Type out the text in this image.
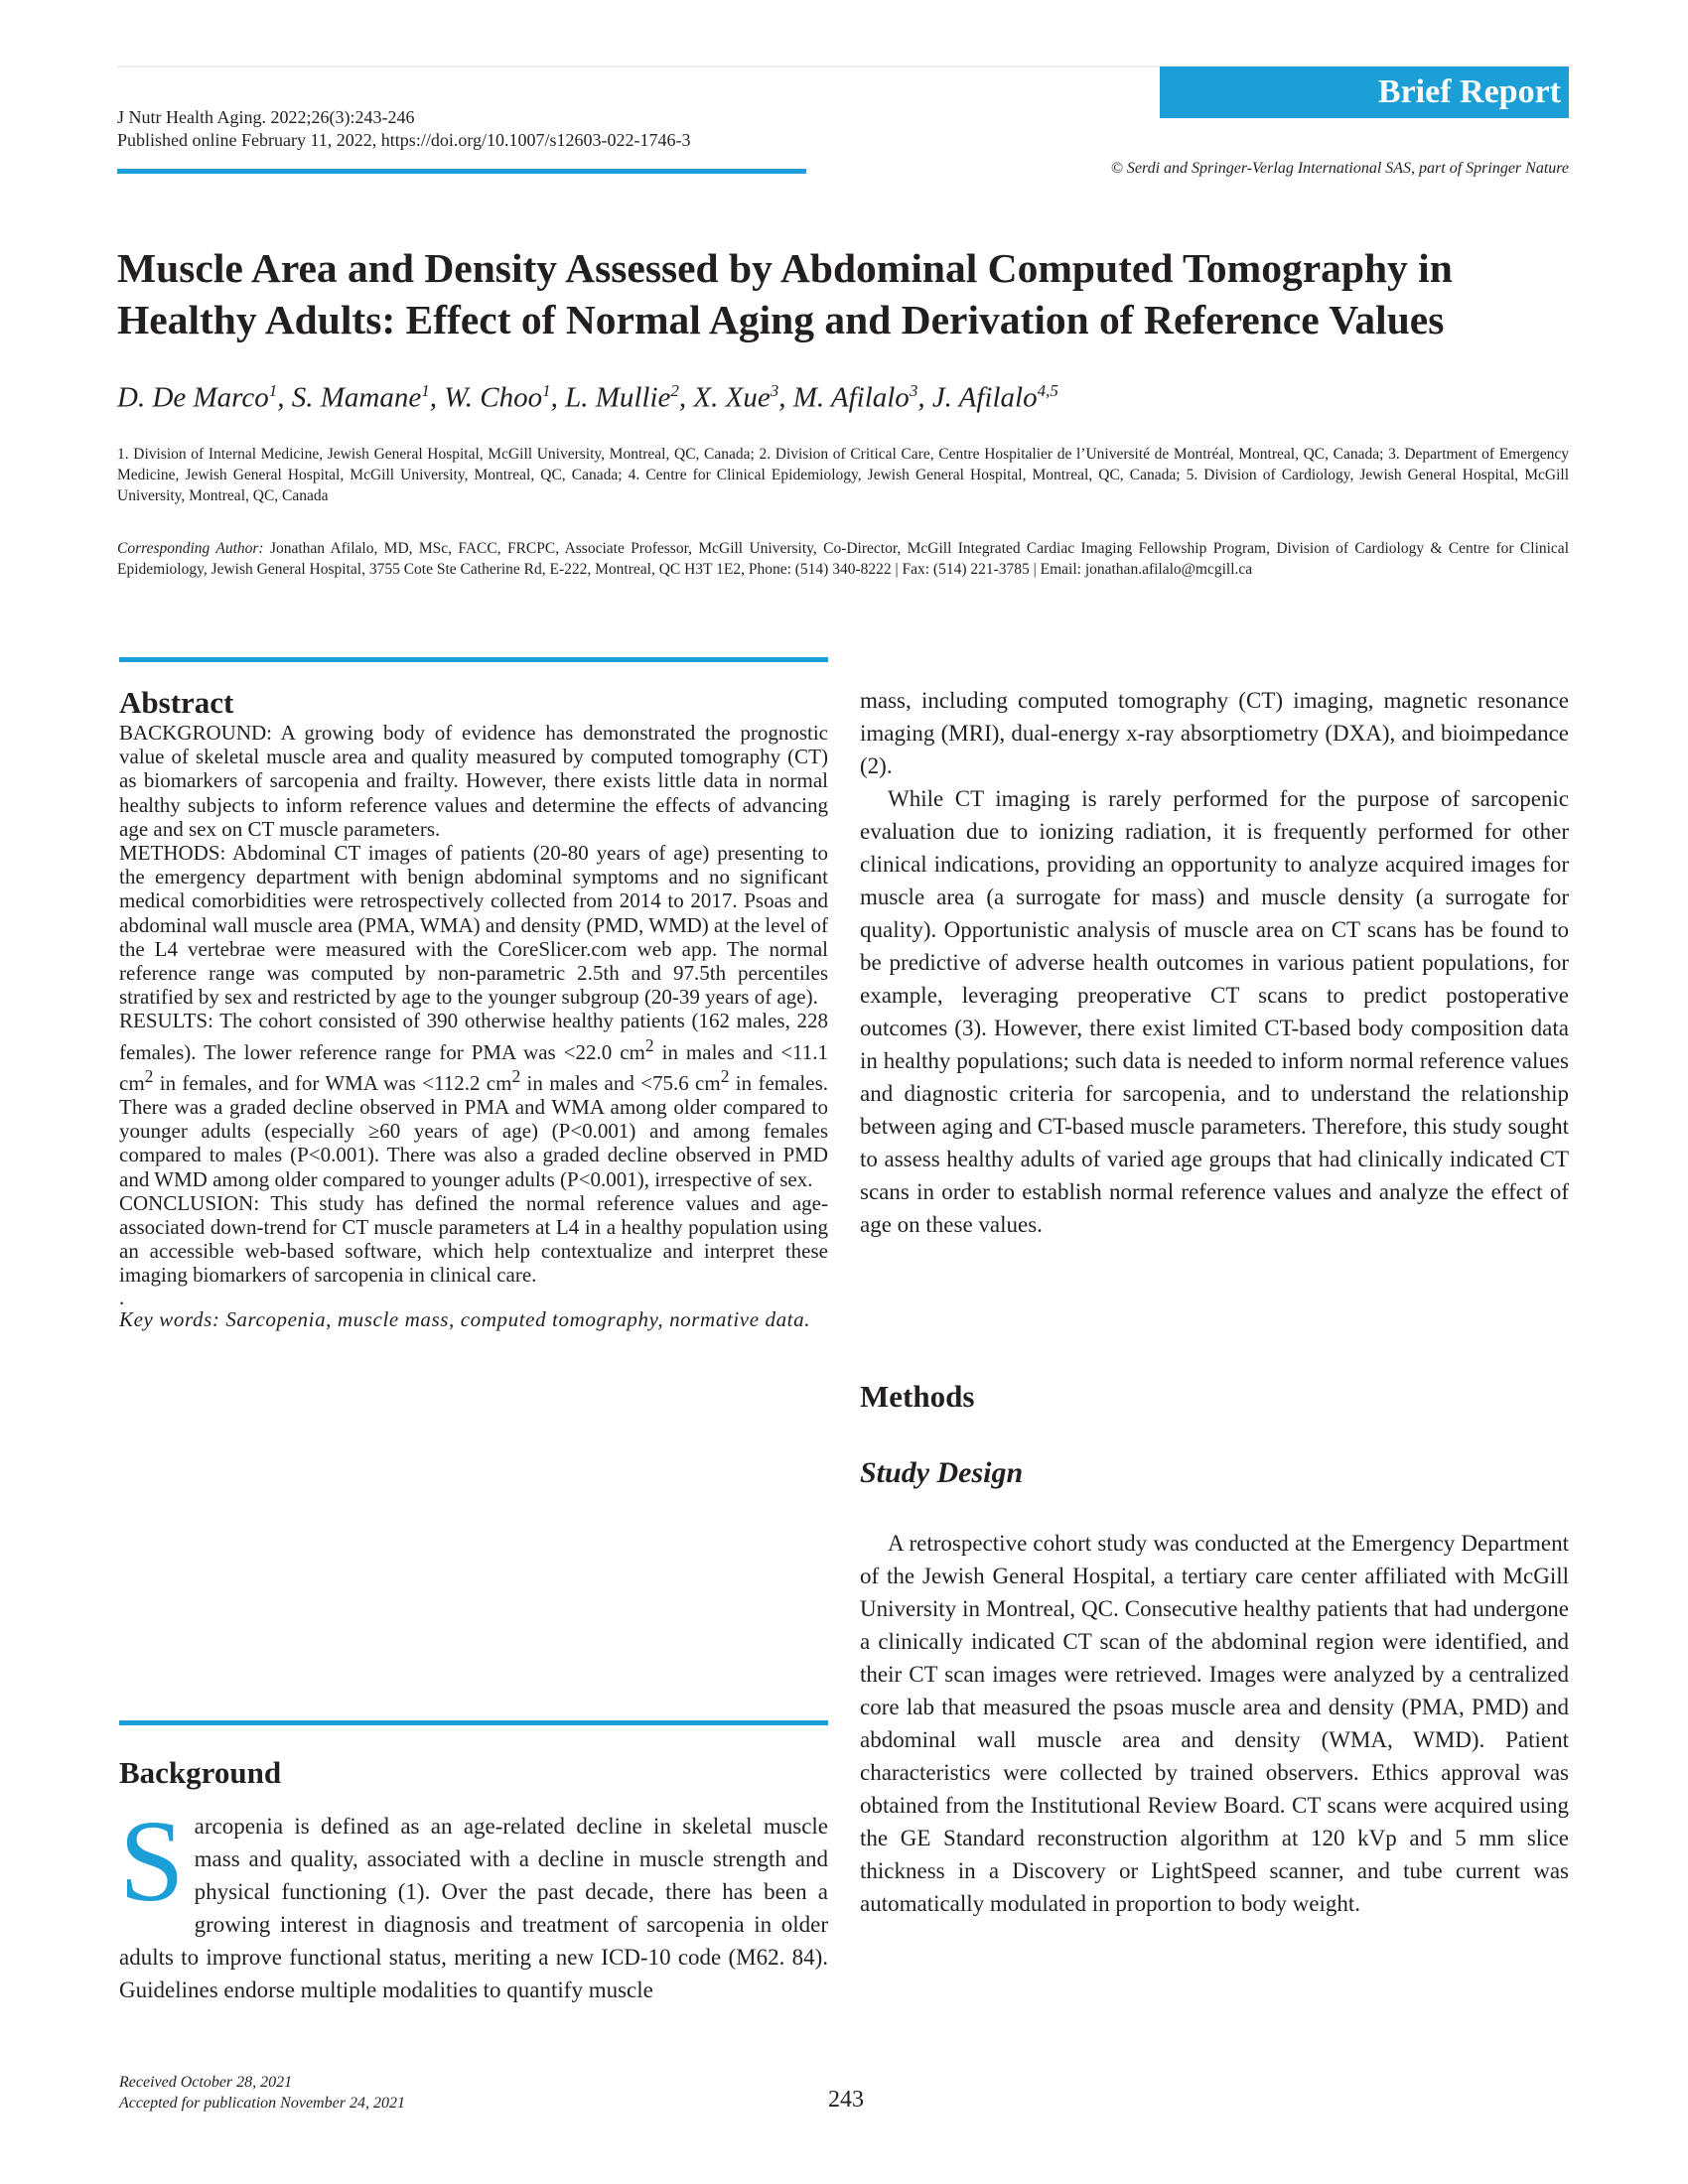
Brief Report
J Nutr Health Aging. 2022;26(3):243-246
Published online February 11, 2022, https://doi.org/10.1007/s12603-022-1746-3
© Serdi and Springer-Verlag International SAS, part of Springer Nature
Muscle Area and Density Assessed by Abdominal Computed Tomography in Healthy Adults: Effect of Normal Aging and Derivation of Reference Values
D. De Marco$^1$, S. Mamane$^1$, W. Choo$^1$, L. Mullie$^2$, X. Xue$^3$, M. Afilalo$^3$, J. Afilalo$^{4,5}$
1. Division of Internal Medicine, Jewish General Hospital, McGill University, Montreal, QC, Canada; 2. Division of Critical Care, Centre Hospitalier de l’Université de Montréal, Montreal, QC, Canada; 3. Department of Emergency Medicine, Jewish General Hospital, McGill University, Montreal, QC, Canada; 4. Centre for Clinical Epidemiology, Jewish General Hospital, Montreal, QC, Canada; 5. Division of Cardiology, Jewish General Hospital, McGill University, Montreal, QC, Canada
Corresponding Author: Jonathan Afilalo, MD, MSc, FACC, FRCPC, Associate Professor, McGill University, Co-Director, McGill Integrated Cardiac Imaging Fellowship Program, Division of Cardiology & Centre for Clinical Epidemiology, Jewish General Hospital, 3755 Cote Ste Catherine Rd, E-222, Montreal, QC H3T 1E2, Phone: (514) 340-8222 | Fax: (514) 221-3785 | Email: jonathan.afilalo@mcgill.ca
Abstract

BACKGROUND: A growing body of evidence has demonstrated the prognostic value of skeletal muscle area and quality measured by computed tomography (CT) as biomarkers of sarcopenia and frailty. However, there exists little data in normal healthy subjects to inform reference values and determine the effects of advancing age and sex on CT muscle parameters.

METHODS: Abdominal CT images of patients (20-80 years of age) presenting to the emergency department with benign abdominal symptoms and no significant medical comorbidities were retrospectively collected from 2014 to 2017. Psoas and abdominal wall muscle area (PMA, WMA) and density (PMD, WMD) at the level of the L4 vertebrae were measured with the CoreSlicer.com web app. The normal reference range was computed by non-parametric 2.5th and 97.5th percentiles stratified by sex and restricted by age to the younger subgroup (20-39 years of age).

RESULTS: The cohort consisted of 390 otherwise healthy patients (162 males, 228 females). The lower reference range for PMA was <22.0 $cm^2$ in males and <11.1 $cm^2$ in females, and for WMA was <112.2 $cm^2$ in males and <75.6 $cm^2$ in females. There was a graded decline observed in PMA and WMA among older compared to younger adults (especially ≥60 years of age) (P<0.001) and among females compared to males (P<0.001). There was also a graded decline observed in PMD and WMD among older compared to younger adults (P<0.001), irrespective of sex.

CONCLUSION: This study has defined the normal reference values and age-associated down-trend for CT muscle parameters at L4 in a healthy population using an accessible web-based software, which help contextualize and interpret these imaging biomarkers of sarcopenia in clinical care.

.

Key words: Sarcopenia, muscle mass, computed tomography, normative data.

Background

Sarcopenia is defined as an age-related decline in skeletal muscle mass and quality, associated with a decline in muscle strength and physical functioning (1). Over the past decade, there has been a growing interest in diagnosis and treatment of sarcopenia in older adults to improve functional status, meriting a new ICD-10 code (M62. 84). Guidelines endorse multiple modalities to quantify muscle

mass, including computed tomography (CT) imaging, magnetic resonance imaging (MRI), dual-energy x-ray absorptiometry (DXA), and bioimpedance (2).

While CT imaging is rarely performed for the purpose of sarcopenic evaluation due to ionizing radiation, it is frequently performed for other clinical indications, providing an opportunity to analyze acquired images for muscle area (a surrogate for mass) and muscle density (a surrogate for quality). Opportunistic analysis of muscle area on CT scans has be found to be predictive of adverse health outcomes in various patient populations, for example, leveraging preoperative CT scans to predict postoperative outcomes (3). However, there exist limited CT-based body composition data in healthy populations; such data is needed to inform normal reference values and diagnostic criteria for sarcopenia, and to understand the relationship between aging and CT-based muscle parameters. Therefore, this study sought to assess healthy adults of varied age groups that had clinically indicated CT scans in order to establish normal reference values and analyze the effect of age on these values.

Methods
Study Design

A retrospective cohort study was conducted at the Emergency Department of the Jewish General Hospital, a tertiary care center affiliated with McGill University in Montreal, QC. Consecutive healthy patients that had undergone a clinically indicated CT scan of the abdominal region were identified, and their CT scan images were retrieved. Images were analyzed by a centralized core lab that measured the psoas muscle area and density (PMA, PMD) and abdominal wall muscle area and density (WMA, WMD). Patient characteristics were collected by trained observers. Ethics approval was obtained from the Institutional Review Board. CT scans were acquired using the GE Standard reconstruction algorithm at 120 kVp and 5 mm slice thickness in a Discovery or LightSpeed scanner, and tube current was automatically modulated in proportion to body weight.

Received October 28, 2021
Accepted for publication November 24, 2021	243
